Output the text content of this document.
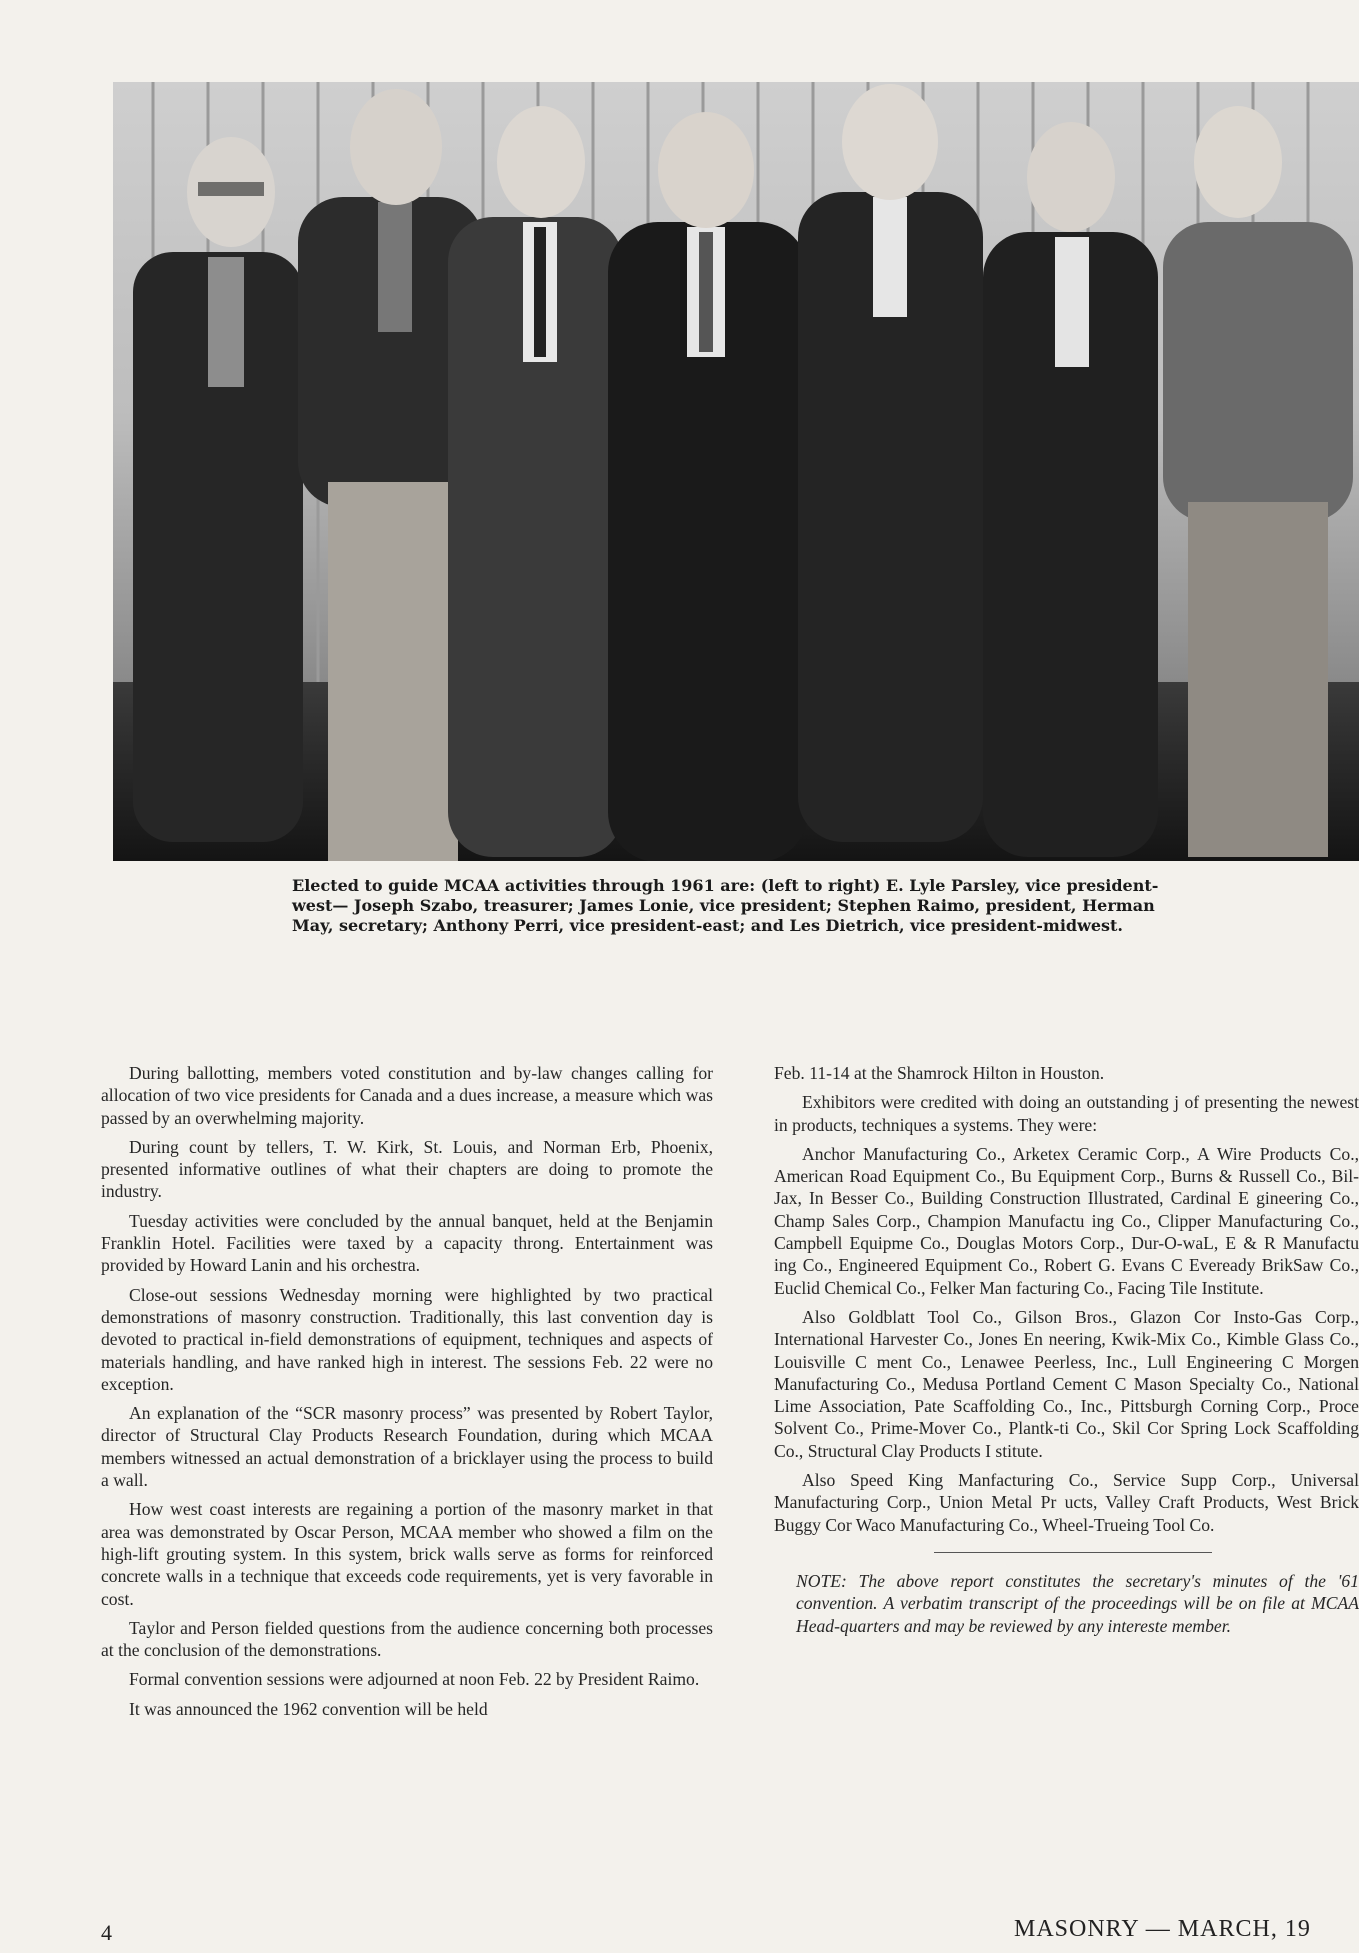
Elected to guide MCAA activities through 1961 are: (left to right) E. Lyle Parsley, vice president-west— Joseph Szabo, treasurer; James Lonie, vice president; Stephen Raimo, president, Herman May, secretary; Anthony Perri, vice president-east; and Les Dietrich, vice president-midwest.

During ballotting, members voted constitution and by-law changes calling for allocation of two vice presidents for Canada and a dues increase, a measure which was passed by an overwhelming majority.

During count by tellers, T. W. Kirk, St. Louis, and Norman Erb, Phoenix, presented informative outlines of what their chapters are doing to promote the industry.

Tuesday activities were concluded by the annual banquet, held at the Benjamin Franklin Hotel. Facilities were taxed by a capacity throng. Entertainment was provided by Howard Lanin and his orchestra.

Close-out sessions Wednesday morning were highlighted by two practical demonstrations of masonry construction. Traditionally, this last convention day is devoted to practical in-field demonstrations of equipment, techniques and aspects of materials handling, and have ranked high in interest. The sessions Feb. 22 were no exception.

An explanation of the “SCR masonry process” was presented by Robert Taylor, director of Structural Clay Products Research Foundation, during which MCAA members witnessed an actual demonstration of a bricklayer using the process to build a wall.

How west coast interests are regaining a portion of the masonry market in that area was demonstrated by Oscar Person, MCAA member who showed a film on the high-lift grouting system. In this system, brick walls serve as forms for reinforced concrete walls in a technique that exceeds code requirements, yet is very favorable in cost.

Taylor and Person fielded questions from the audience concerning both processes at the conclusion of the demonstrations.

Formal convention sessions were adjourned at noon Feb. 22 by President Raimo.

It was announced the 1962 convention will be held

Feb. 11-14 at the Shamrock Hilton in Houston.

Exhibitors were credited with doing an outstanding j of presenting the newest in products, techniques a systems. They were:

Anchor Manufacturing Co., Arketex Ceramic Corp., A Wire Products Co., American Road Equipment Co., Bu Equipment Corp., Burns & Russell Co., Bil-Jax, In Besser Co., Building Construction Illustrated, Cardinal E gineering Co., Champ Sales Corp., Champion Manufactu ing Co., Clipper Manufacturing Co., Campbell Equipme Co., Douglas Motors Corp., Dur-O-waL, E & R Manufactu ing Co., Engineered Equipment Co., Robert G. Evans C Eveready BrikSaw Co., Euclid Chemical Co., Felker Man facturing Co., Facing Tile Institute.

Also Goldblatt Tool Co., Gilson Bros., Glazon Cor Insto-Gas Corp., International Harvester Co., Jones En neering, Kwik-Mix Co., Kimble Glass Co., Louisville C ment Co., Lenawee Peerless, Inc., Lull Engineering C Morgen Manufacturing Co., Medusa Portland Cement C Mason Specialty Co., National Lime Association, Pate Scaffolding Co., Inc., Pittsburgh Corning Corp., Proce Solvent Co., Prime-Mover Co., Plantk-ti Co., Skil Cor Spring Lock Scaffolding Co., Structural Clay Products I stitute.

Also Speed King Manfacturing Co., Service Supp Corp., Universal Manufacturing Corp., Union Metal Pr ucts, Valley Craft Products, West Brick Buggy Cor Waco Manufacturing Co., Wheel-Trueing Tool Co.

NOTE: The above report constitutes the secretary's minutes of the '61 convention. A verbatim transcript of the proceedings will be on file at MCAA Head-quarters and may be reviewed by any intereste member.

4	MASONRY — MARCH, 19
